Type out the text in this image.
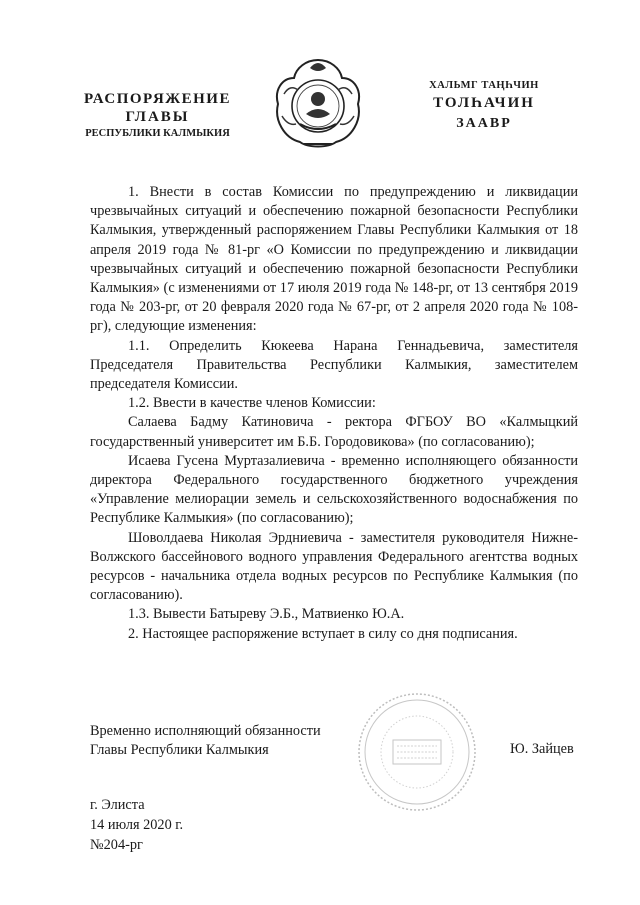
РАСПОРЯЖЕНИЕ
ГЛАВЫ
РЕСПУБЛИКИ КАЛМЫКИЯ
ХАЛЬМГ ТАҢҺЧИН
ТОЛҺАЧИН
ЗААВР

1. Внести в состав Комиссии по предупреждению и ликвидации чрезвычайных ситуаций и обеспечению пожарной безопасности Республики Калмыкия, утвержденный распоряжением Главы Республики Калмыкия от 18 апреля 2019 года № 81-рг «О Комиссии по предупреждению и ликвидации чрезвычайных ситуаций и обеспечению пожарной безопасности Республики Калмыкия» (с изменениями от 17 июля 2019 года № 148-рг, от 13 сентября 2019 года № 203-рг, от 20 февраля 2020 года № 67-рг, от 2 апреля 2020 года № 108-рг), следующие изменения:

1.1. Определить Кюкеева Нарана Геннадьевича, заместителя Председателя Правительства Республики Калмыкия, заместителем председателя Комиссии.

1.2. Ввести в качестве членов Комиссии:

Салаева Бадму Катиновича - ректора ФГБОУ ВО «Калмыцкий государственный университет им Б.Б. Городовикова» (по согласованию);

Исаева Гусена Муртазалиевича - временно исполняющего обязанности директора Федерального государственного бюджетного учреждения «Управление мелиорации земель и сельскохозяйственного водоснабжения по Республике Калмыкия» (по согласованию);

Шоволдаева Николая Эрдниевича - заместителя руководителя Нижне-Волжского бассейнового водного управления Федерального агентства водных ресурсов - начальника отдела водных ресурсов по Республике Калмыкия (по согласованию).

1.3. Вывести Батыреву Э.Б., Матвиенко Ю.А.

2. Настоящее распоряжение вступает в силу со дня подписания.

Временно исполняющий обязанности
Главы Республики Калмыкия	Ю. Зайцев
г. Элиста
14 июля 2020 г.
№204-рг
